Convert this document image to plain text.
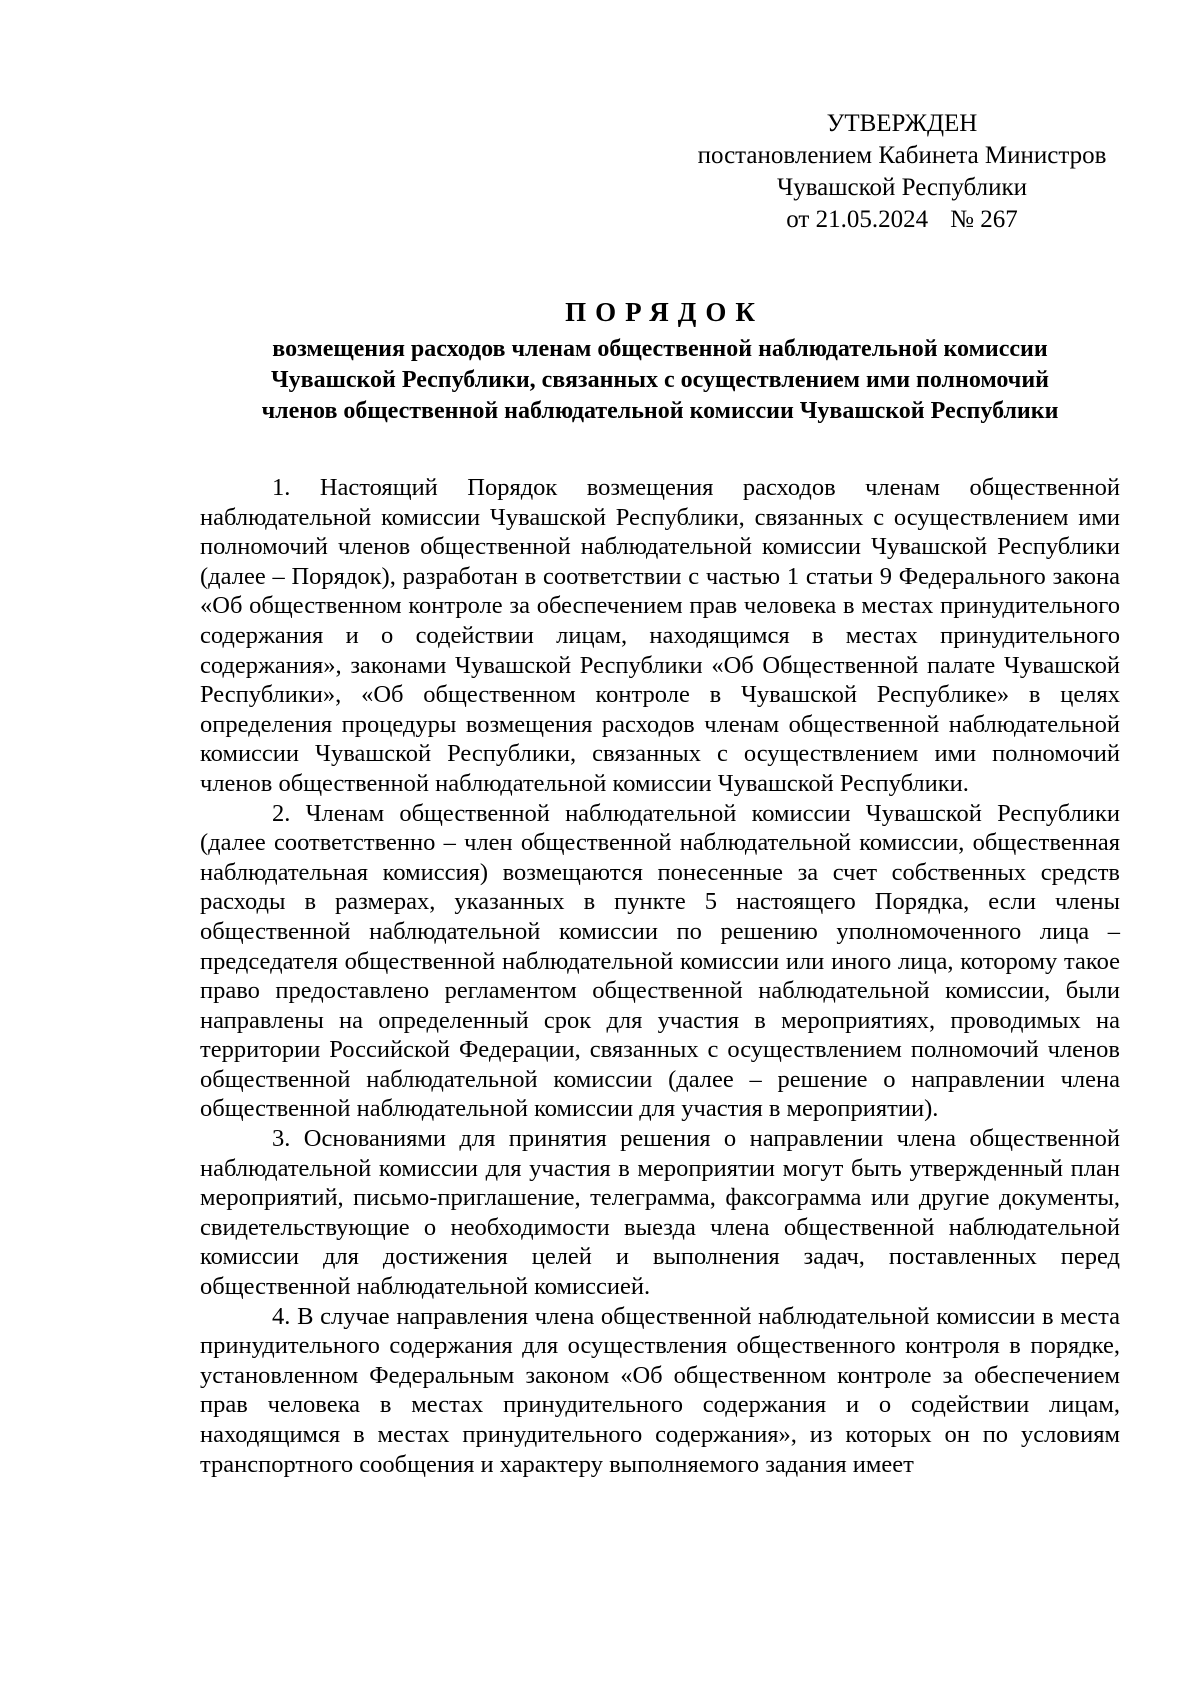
УТВЕРЖДЕН
постановлением Кабинета Министров
Чувашской Республики
от 21.05.2024 № 267
ПОРЯДОК
возмещения расходов членам общественной наблюдательной комиссии
Чувашской Республики, связанных с осуществлением ими полномочий
членов общественной наблюдательной комиссии Чувашской Республики

1. Настоящий Порядок возмещения расходов членам общественной наблюдательной комиссии Чувашской Республики, связанных с осуществлением ими полномочий членов общественной наблюдательной комиссии Чувашской Республики (далее – Порядок), разработан в соответствии с частью 1 статьи 9 Федерального закона «Об общественном контроле за обеспечением прав человека в местах принудительного содержания и о содействии лицам, находящимся в местах принудительного содержания», законами Чувашской Республики «Об Общественной палате Чувашской Республики», «Об общественном контроле в Чувашской Республике» в целях определения процедуры возмещения расходов членам общественной наблюдательной комиссии Чувашской Республики, связанных с осуществлением ими полномочий членов общественной наблюдательной комиссии Чувашской Республики.

2. Членам общественной наблюдательной комиссии Чувашской Республики (далее соответственно – член общественной наблюдательной комиссии, общественная наблюдательная комиссия) возмещаются понесенные за счет собственных средств расходы в размерах, указанных в пункте 5 настоящего Порядка, если члены общественной наблюдательной комиссии по решению уполномоченного лица – председателя общественной наблюдательной комиссии или иного лица, которому такое право предоставлено регламентом общественной наблюдательной комиссии, были направлены на определенный срок для участия в мероприятиях, проводимых на территории Российской Федерации, связанных с осуществлением полномочий членов общественной наблюдательной комиссии (далее – решение о направлении члена общественной наблюдательной комиссии для участия в мероприятии).

3. Основаниями для принятия решения о направлении члена общественной наблюдательной комиссии для участия в мероприятии могут быть утвержденный план мероприятий, письмо-приглашение, телеграмма, факсограмма или другие документы, свидетельствующие о необходимости выезда члена общественной наблюдательной комиссии для достижения целей и выполнения задач, поставленных перед общественной наблюдательной комиссией.

4. В случае направления члена общественной наблюдательной комиссии в места принудительного содержания для осуществления общественного контроля в порядке, установленном Федеральным законом «Об общественном контроле за обеспечением прав человека в местах принудительного содержания и о содействии лицам, находящимся в местах принудительного содержания», из которых он по условиям транспортного сообщения и характеру выполняемого задания имеет
